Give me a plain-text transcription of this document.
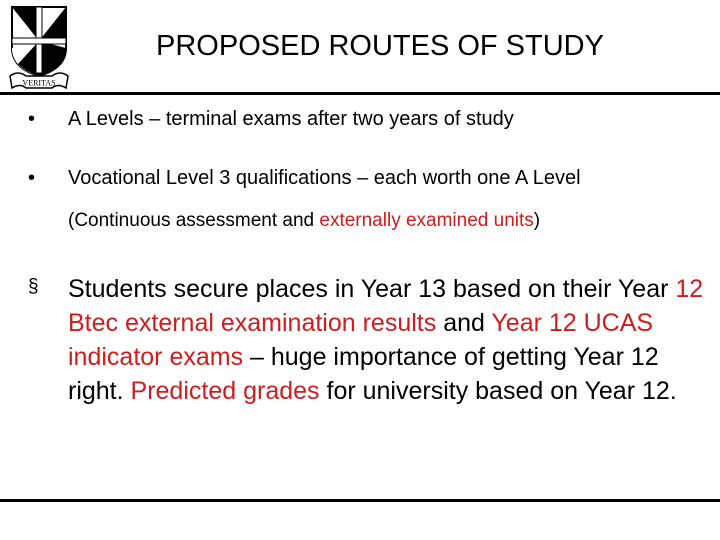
VERITAS
PROPOSED ROUTES OF STUDY
• A Levels – terminal exams after two years of study
• Vocational Level 3 qualifications – each worth one A Level
(Continuous assessment and externally examined units)
§ Students secure places in Year 13 based on their Year 12 Btec external examination results and Year 12 UCAS indicator exams – huge importance of getting Year 12 right. Predicted grades for university based on Year 12.
